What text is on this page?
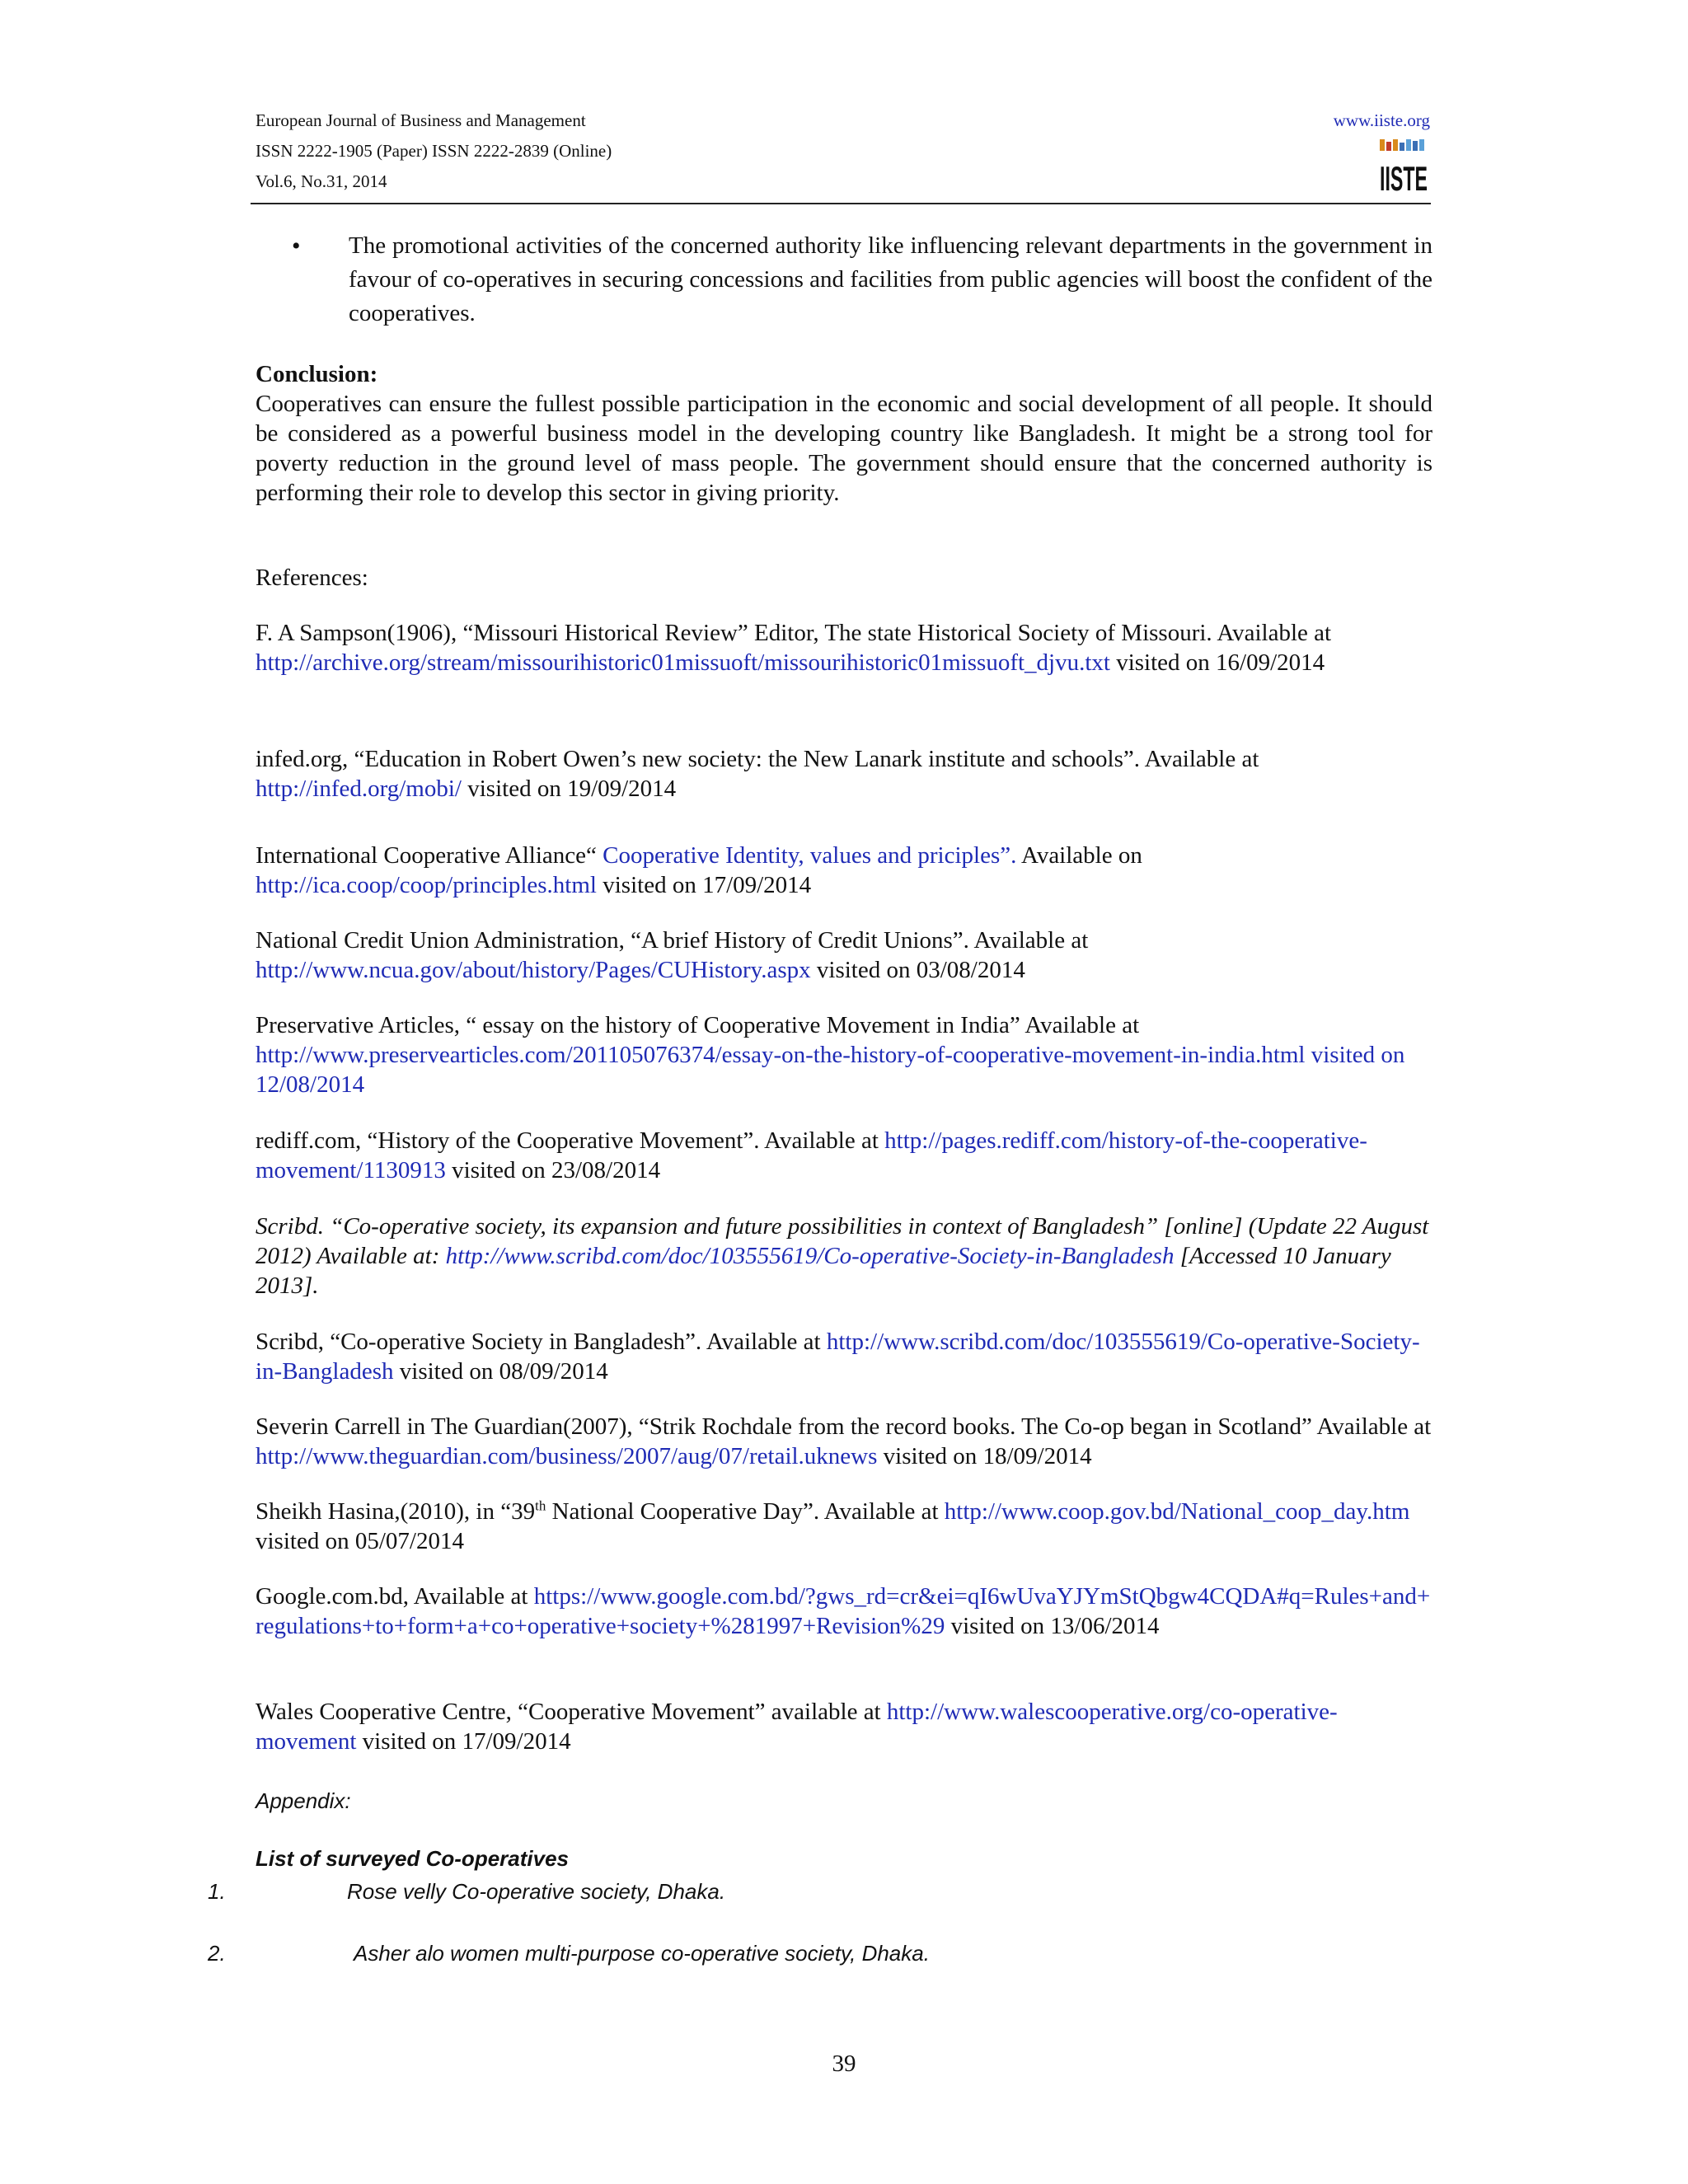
European Journal of Business and Management	www.iiste.org
ISSN 2222-1905 (Paper) ISSN 2222-2839 (Online)
Vol.6, No.31, 2014	IISTE
•	The promotional activities of the concerned authority like influencing relevant departments in the government in favour of co-operatives in securing concessions and facilities from public agencies will boost the confident of the cooperatives.
Conclusion:
Cooperatives can ensure the fullest possible participation in the economic and social development of all people. It should be considered as a powerful business model in the developing country like Bangladesh. It might be a strong tool for poverty reduction in the ground level of mass people. The government should ensure that the concerned authority is performing their role to develop this sector in giving priority.
References:

F. A Sampson(1906), “Missouri Historical Review” Editor, The state Historical Society of Missouri. Available at http://archive.org/stream/missourihistoric01missuoft/missourihistoric01missuoft_djvu.txt visited on 16/09/2014

infed.org, “Education in Robert Owen’s new society: the New Lanark institute and schools”. Available at http://infed.org/mobi/ visited on 19/09/2014

International Cooperative Alliance“ Cooperative Identity, values and priciples”. Available on http://ica.coop/coop/principles.html visited on 17/09/2014

National Credit Union Administration, “A brief History of Credit Unions”. Available at http://www.ncua.gov/about/history/Pages/CUHistory.aspx visited on 03/08/2014

Preservative Articles, “ essay on the history of Cooperative Movement in India” Available at http://www.preservearticles.com/201105076374/essay-on-the-history-of-cooperative-movement-in-india.html visited on 12/08/2014

rediff.com, “History of the Cooperative Movement”. Available at http://pages.rediff.com/history-of-the-cooperative-movement/1130913 visited on 23/08/2014

Scribd. “Co-operative society, its expansion and future possibilities in context of Bangladesh” [online] (Update 22 August 2012) Available at: http://www.scribd.com/doc/103555619/Co-operative-Society-in-Bangladesh [Accessed 10 January 2013].

Scribd, “Co-operative Society in Bangladesh”. Available at http://www.scribd.com/doc/103555619/Co-operative-Society-in-Bangladesh visited on 08/09/2014

Severin Carrell in The Guardian(2007), “Strik Rochdale from the record books. The Co-op began in Scotland” Available at http://www.theguardian.com/business/2007/aug/07/retail.uknews visited on 18/09/2014

Sheikh Hasina,(2010), in “39th National Cooperative Day”. Available at http://www.coop.gov.bd/National_coop_day.htm visited on 05/07/2014

Google.com.bd, Available at https://www.google.com.bd/?gws_rd=cr&ei=qI6wUvaYJYmStQbgw4CQDA#q=Rules+and+regulations+to+form+a+co+operative+society+%281997+Revision%29 visited on 13/06/2014

Wales Cooperative Centre, “Cooperative Movement” available at http://www.walescooperative.org/co-operative-movement visited on 17/09/2014

Appendix:
List of surveyed Co-operatives
1.	Rose velly Co-operative society, Dhaka.
2.	Asher alo women multi-purpose co-operative society, Dhaka.
39
